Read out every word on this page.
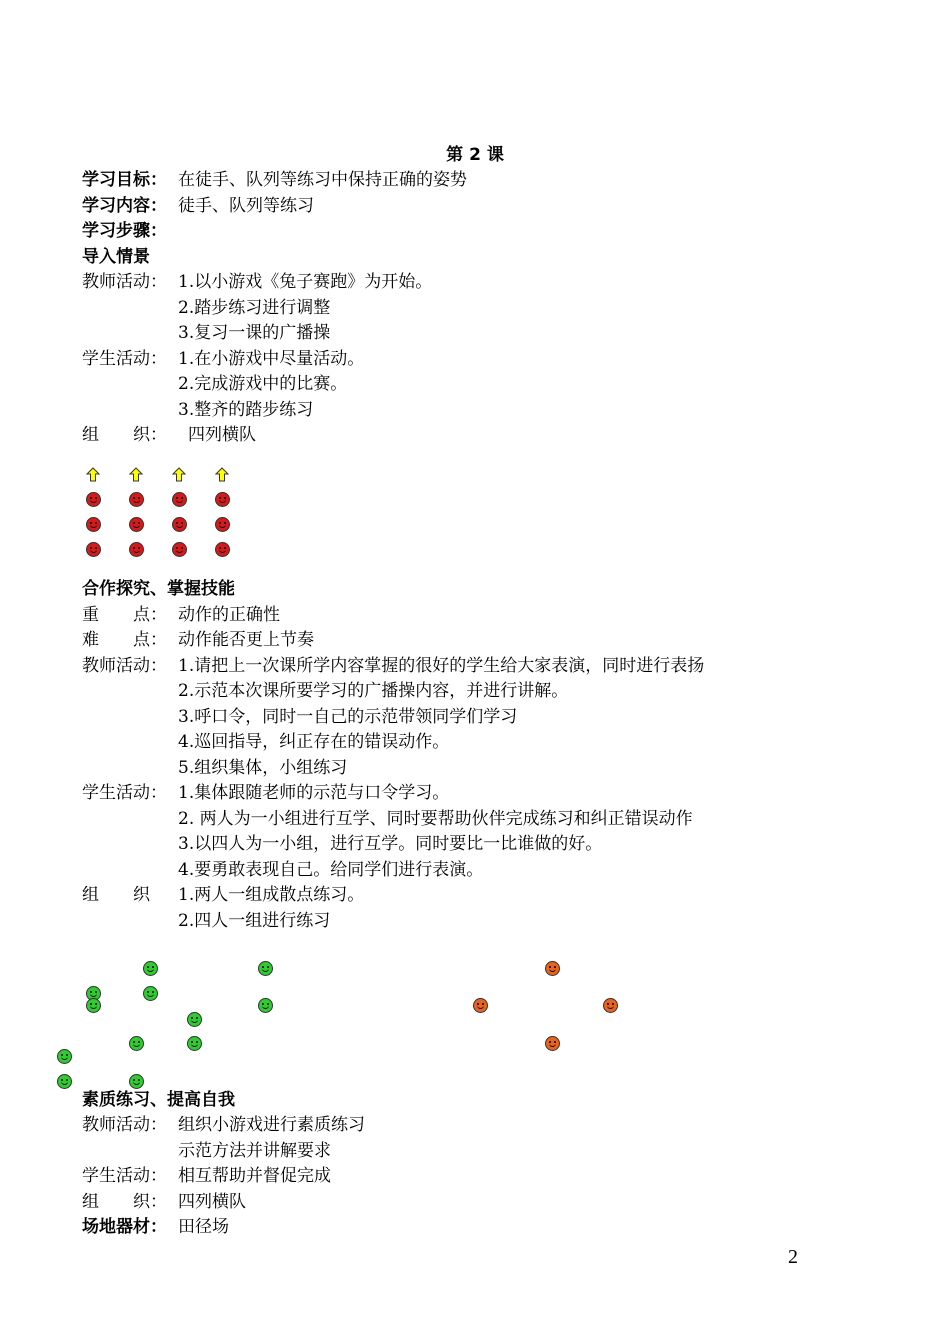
第 2 课
学习目标： 在徒手、队列等练习中保持正确的姿势
学习内容： 徒手、队列等练习
学习步骤：
导入情景
教师活动： 1.以小游戏《兔子赛跑》为开始。
2.踏步练习进行调整
3.复习一课的广播操
学生活动： 1.在小游戏中尽量活动。
2.完成游戏中的比赛。
3.整齐的踏步练习
组　　织： 四列横队
合作探究、掌握技能
重　　点： 动作的正确性
难　　点： 动作能否更上节奏
教师活动： 1.请把上一次课所学内容掌握的很好的学生给大家表演，同时进行表扬
2.示范本次课所要学习的广播操内容，并进行讲解。
3.呼口令，同时一自己的示范带领同学们学习
4.巡回指导，纠正存在的错误动作。
5.组织集体，小组练习
学生活动： 1.集体跟随老师的示范与口令学习。
2. 两人为一小组进行互学、同时要帮助伙伴完成练习和纠正错误动作
3.以四人为一小组，进行互学。同时要比一比谁做的好。
4.要勇敢表现自己。给同学们进行表演。
组　　织 1.两人一组成散点练习。
2.四人一组进行练习
素质练习、提高自我
教师活动： 组织小游戏进行素质练习
示范方法并讲解要求
学生活动： 相互帮助并督促完成
组　　织： 四列横队
场地器材： 田径场
2
